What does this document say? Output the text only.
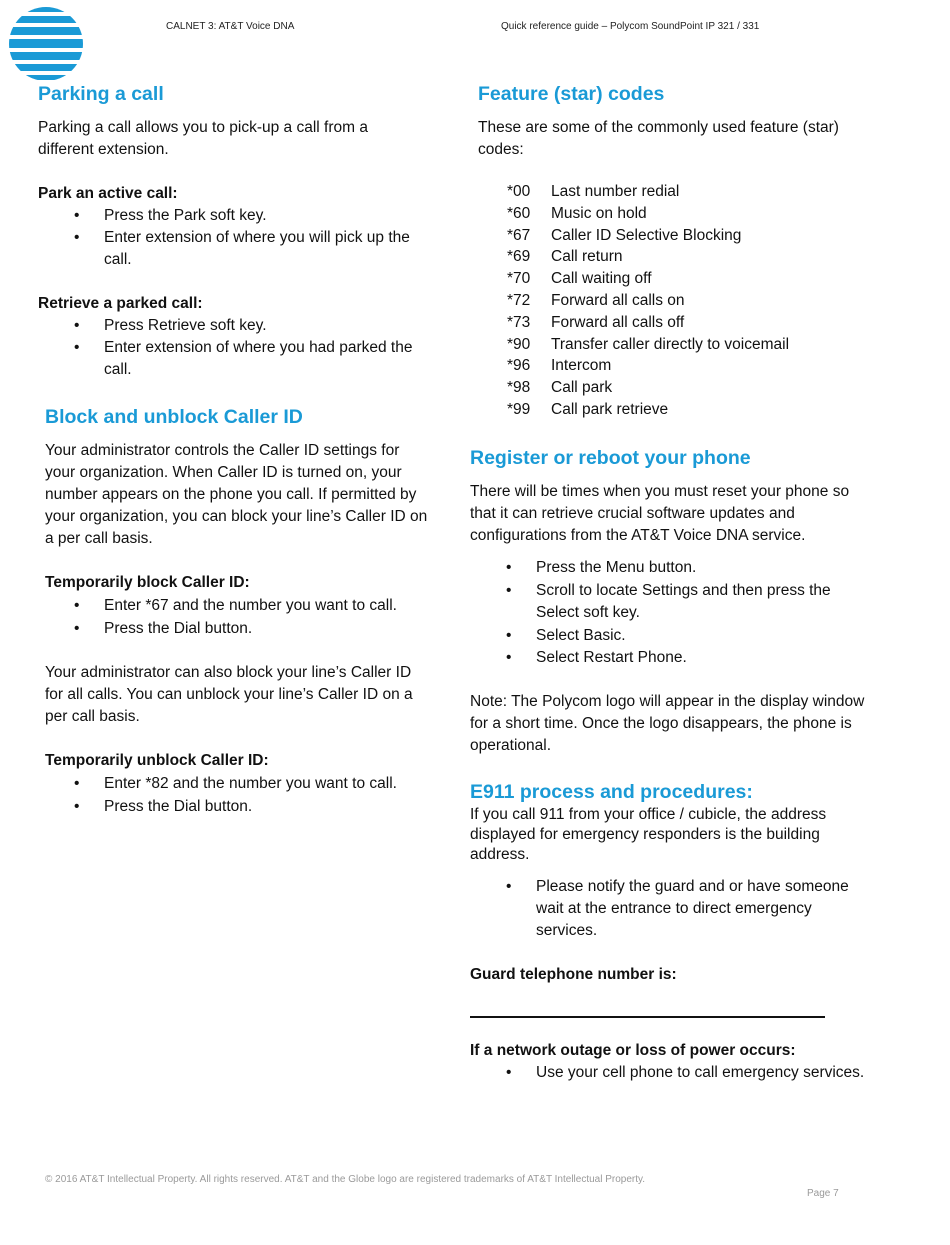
CALNET 3: AT&T Voice DNA	Quick reference guide – Polycom SoundPoint IP 321 / 331
Parking a call

Parking a call allows you to pick-up a call from a different extension.

Park an active call:

• Press the Park soft key.
• Enter extension of where you will pick up the call.

Retrieve a parked call:

• Press Retrieve soft key.
• Enter extension of where you had parked the call.
Block and unblock Caller ID

Your administrator controls the Caller ID settings for your organization. When Caller ID is turned on, your number appears on the phone you call. If permitted by your organization, you can block your line’s Caller ID on a per call basis.

Temporarily block Caller ID:

• Enter *67 and the number you want to call.
• Press the Dial button.

Your administrator can also block your line’s Caller ID for all calls. You can unblock your line’s Caller ID on a per call basis.

Temporarily unblock Caller ID:

• Enter *82 and the number you want to call.
• Press the Dial button.
Feature (star) codes

These are some of the commonly used feature (star) codes:

*00	Last number redial
*60	Music on hold
*67	Caller ID Selective Blocking
*69	Call return
*70	Call waiting off
*72	Forward all calls on
*73	Forward all calls off
*90	Transfer caller directly to voicemail
*96	Intercom
*98	Call park
*99	Call park retrieve
Register or reboot your phone

There will be times when you must reset your phone so that it can retrieve crucial software updates and configurations from the AT&T Voice DNA service.

• Press the Menu button.
• Scroll to locate Settings and then press the Select soft key.
• Select Basic.
• Select Restart Phone.

Note: The Polycom logo will appear in the display window for a short time. Once the logo disappears, the phone is operational.

E911 process and procedures:

If you call 911 from your office / cubicle, the address displayed for emergency responders is the building address.

• Please notify the guard and or have someone wait at the entrance to direct emergency services.

Guard telephone number is:

If a network outage or loss of power occurs:

• Use your cell phone to call emergency services.
© 2016 AT&T Intellectual Property. All rights reserved. AT&T and the Globe logo are registered trademarks of AT&T Intellectual Property.
Page 7
